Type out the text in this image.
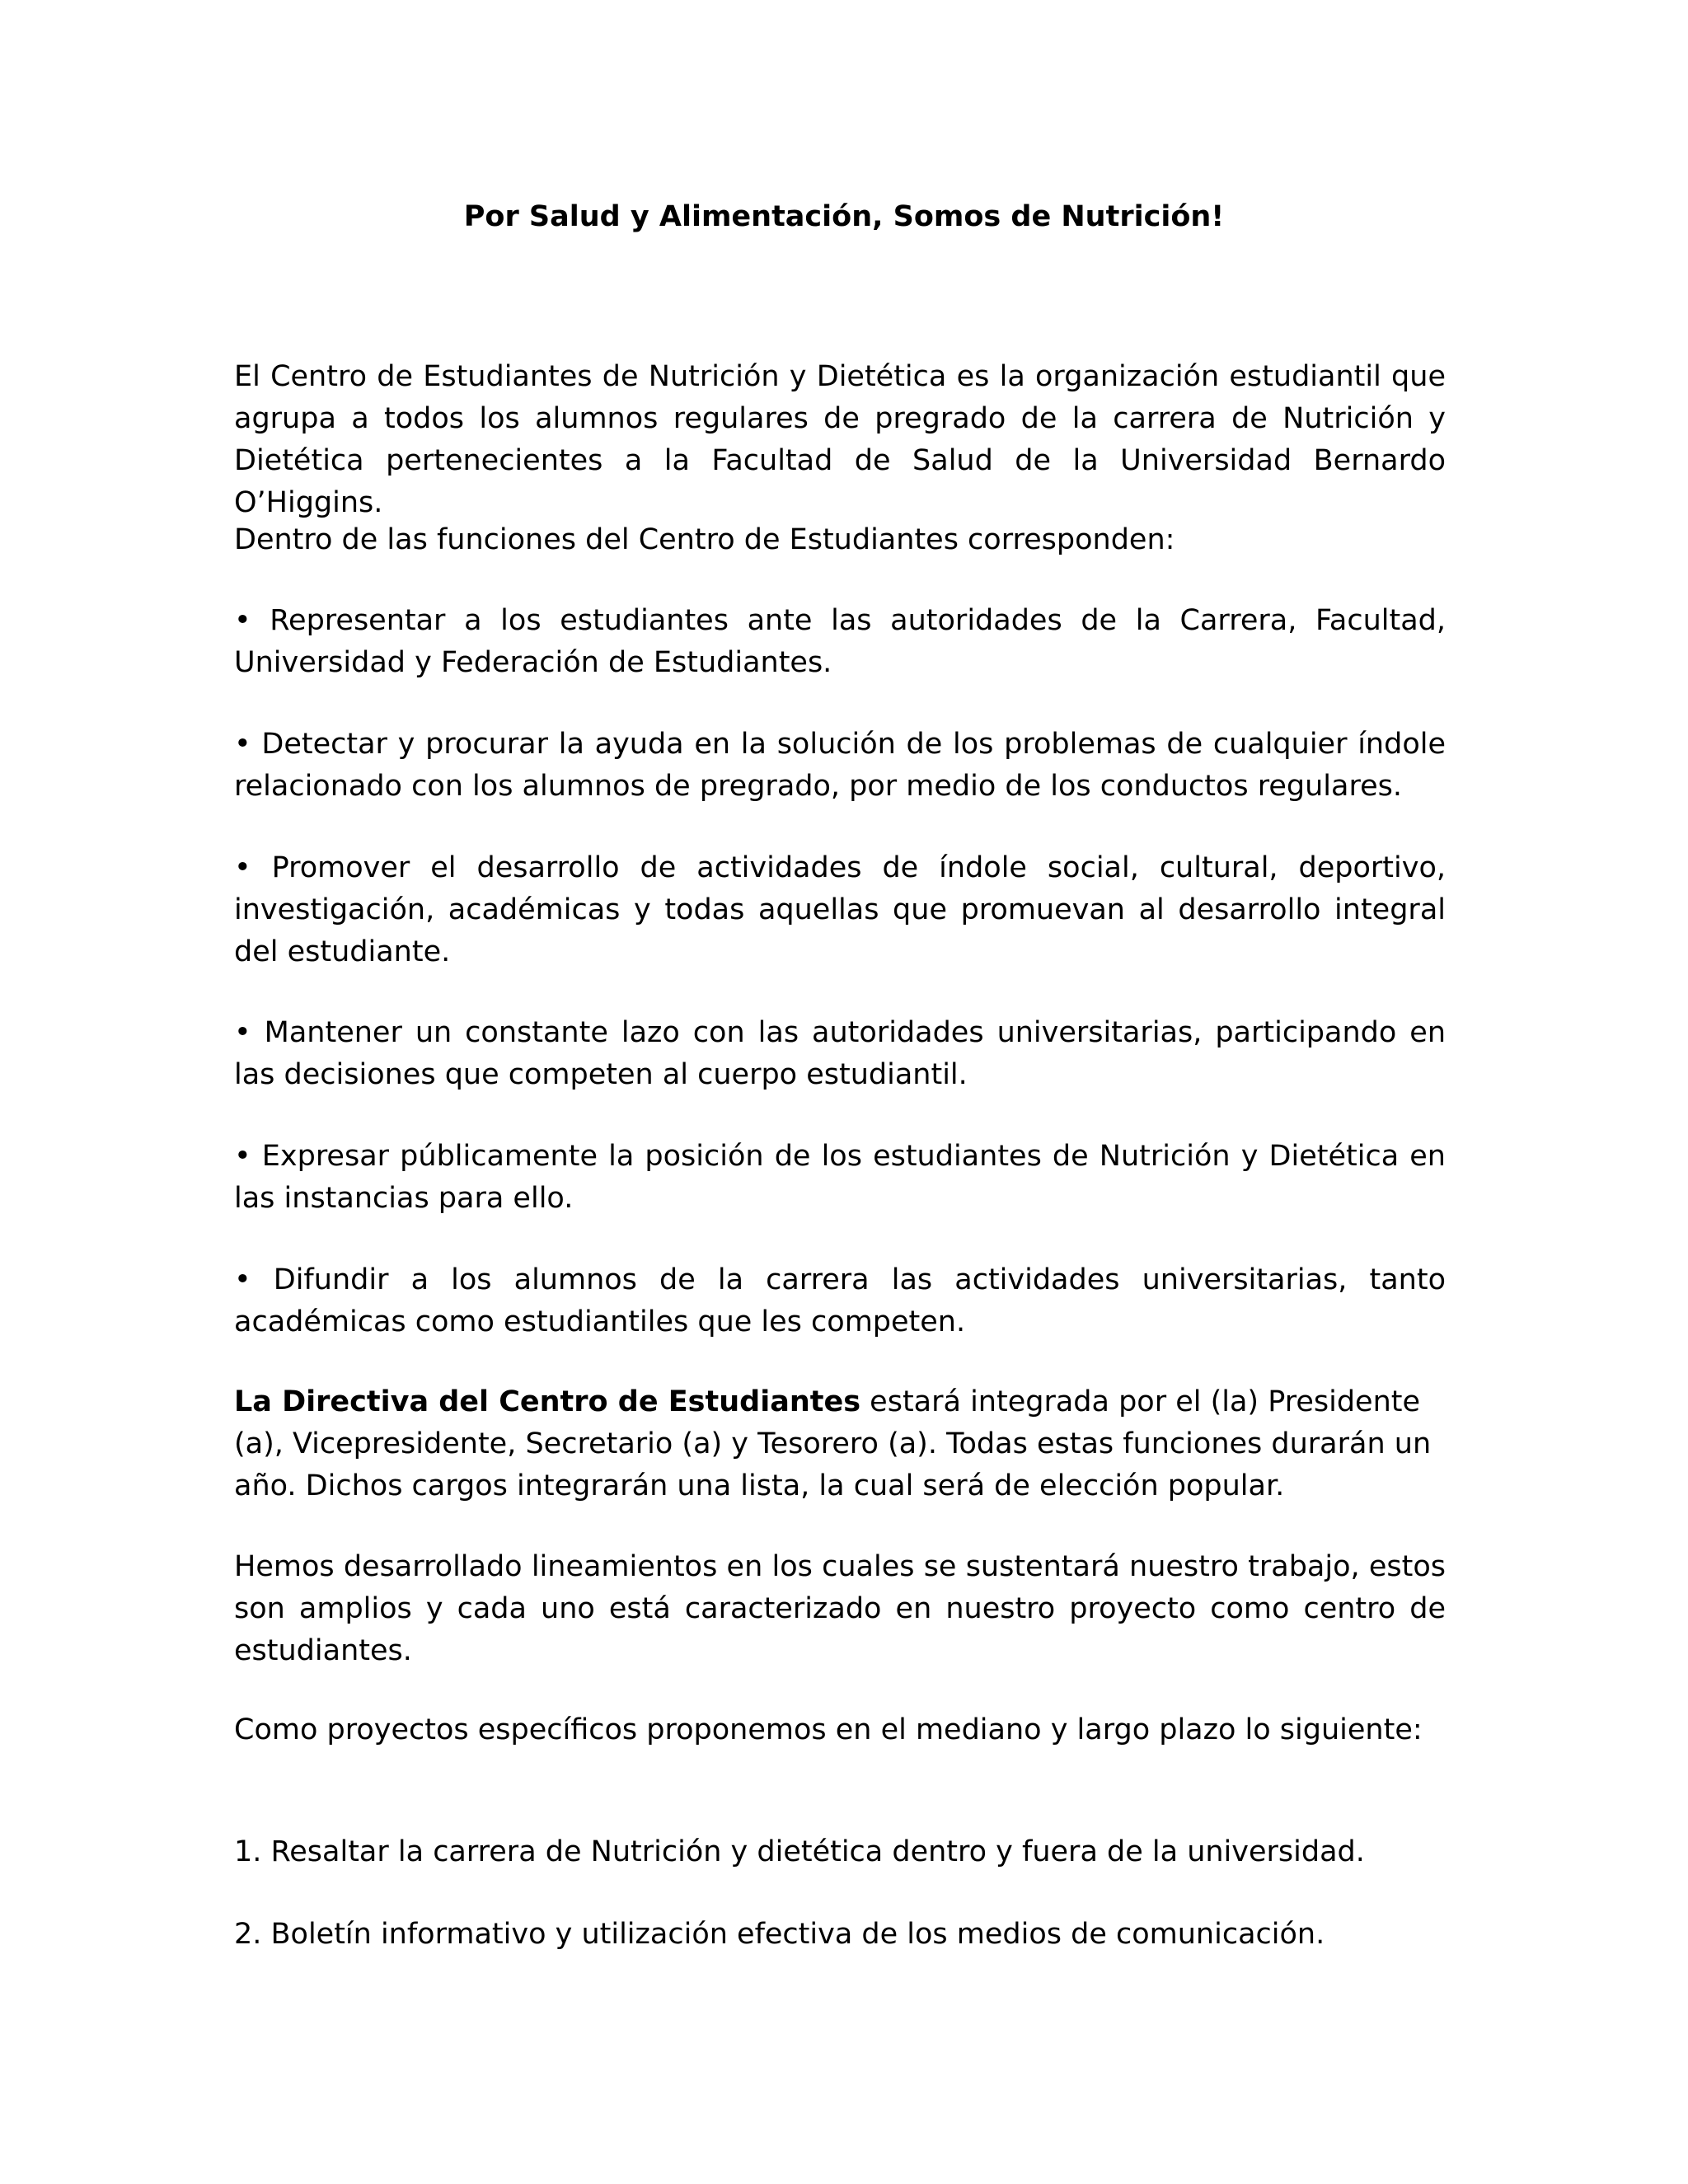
Por Salud y Alimentación, Somos de Nutrición!

El Centro de Estudiantes de Nutrición y Dietética es la organización estudiantil que agrupa a todos los alumnos regulares de pregrado de la carrera de Nutrición y Dietética pertenecientes a la Facultad de Salud de la Universidad Bernardo O’Higgins.

Dentro de las funciones del Centro de Estudiantes corresponden:

• Representar a los estudiantes ante las autoridades de la Carrera, Facultad, Universidad y Federación de Estudiantes.

• Detectar y procurar la ayuda en la solución de los problemas de cualquier índole relacionado con los alumnos de pregrado, por medio de los conductos regulares.

• Promover el desarrollo de actividades de índole social, cultural, deportivo, investigación, académicas y todas aquellas que promuevan al desarrollo integral del estudiante.

• Mantener un constante lazo con las autoridades universitarias, participando en las decisiones que competen al cuerpo estudiantil.

• Expresar públicamente la posición de los estudiantes de Nutrición y Dietética en las instancias para ello.

• Difundir a los alumnos de la carrera las actividades universitarias, tanto académicas como estudiantiles que les competen.

La Directiva del Centro de Estudiantes estará integrada por el (la) Presidente (a), Vicepresidente, Secretario (a) y Tesorero (a). Todas estas funciones durarán un año. Dichos cargos integrarán una lista, la cual será de elección popular.

Hemos desarrollado lineamientos en los cuales se sustentará nuestro trabajo, estos son amplios y cada uno está caracterizado en nuestro proyecto como centro de estudiantes.

Como proyectos específicos proponemos en el mediano y largo plazo lo siguiente:

1. Resaltar la carrera de Nutrición y dietética dentro y fuera de la universidad.

2. Boletín informativo y utilización efectiva de los medios de comunicación.
